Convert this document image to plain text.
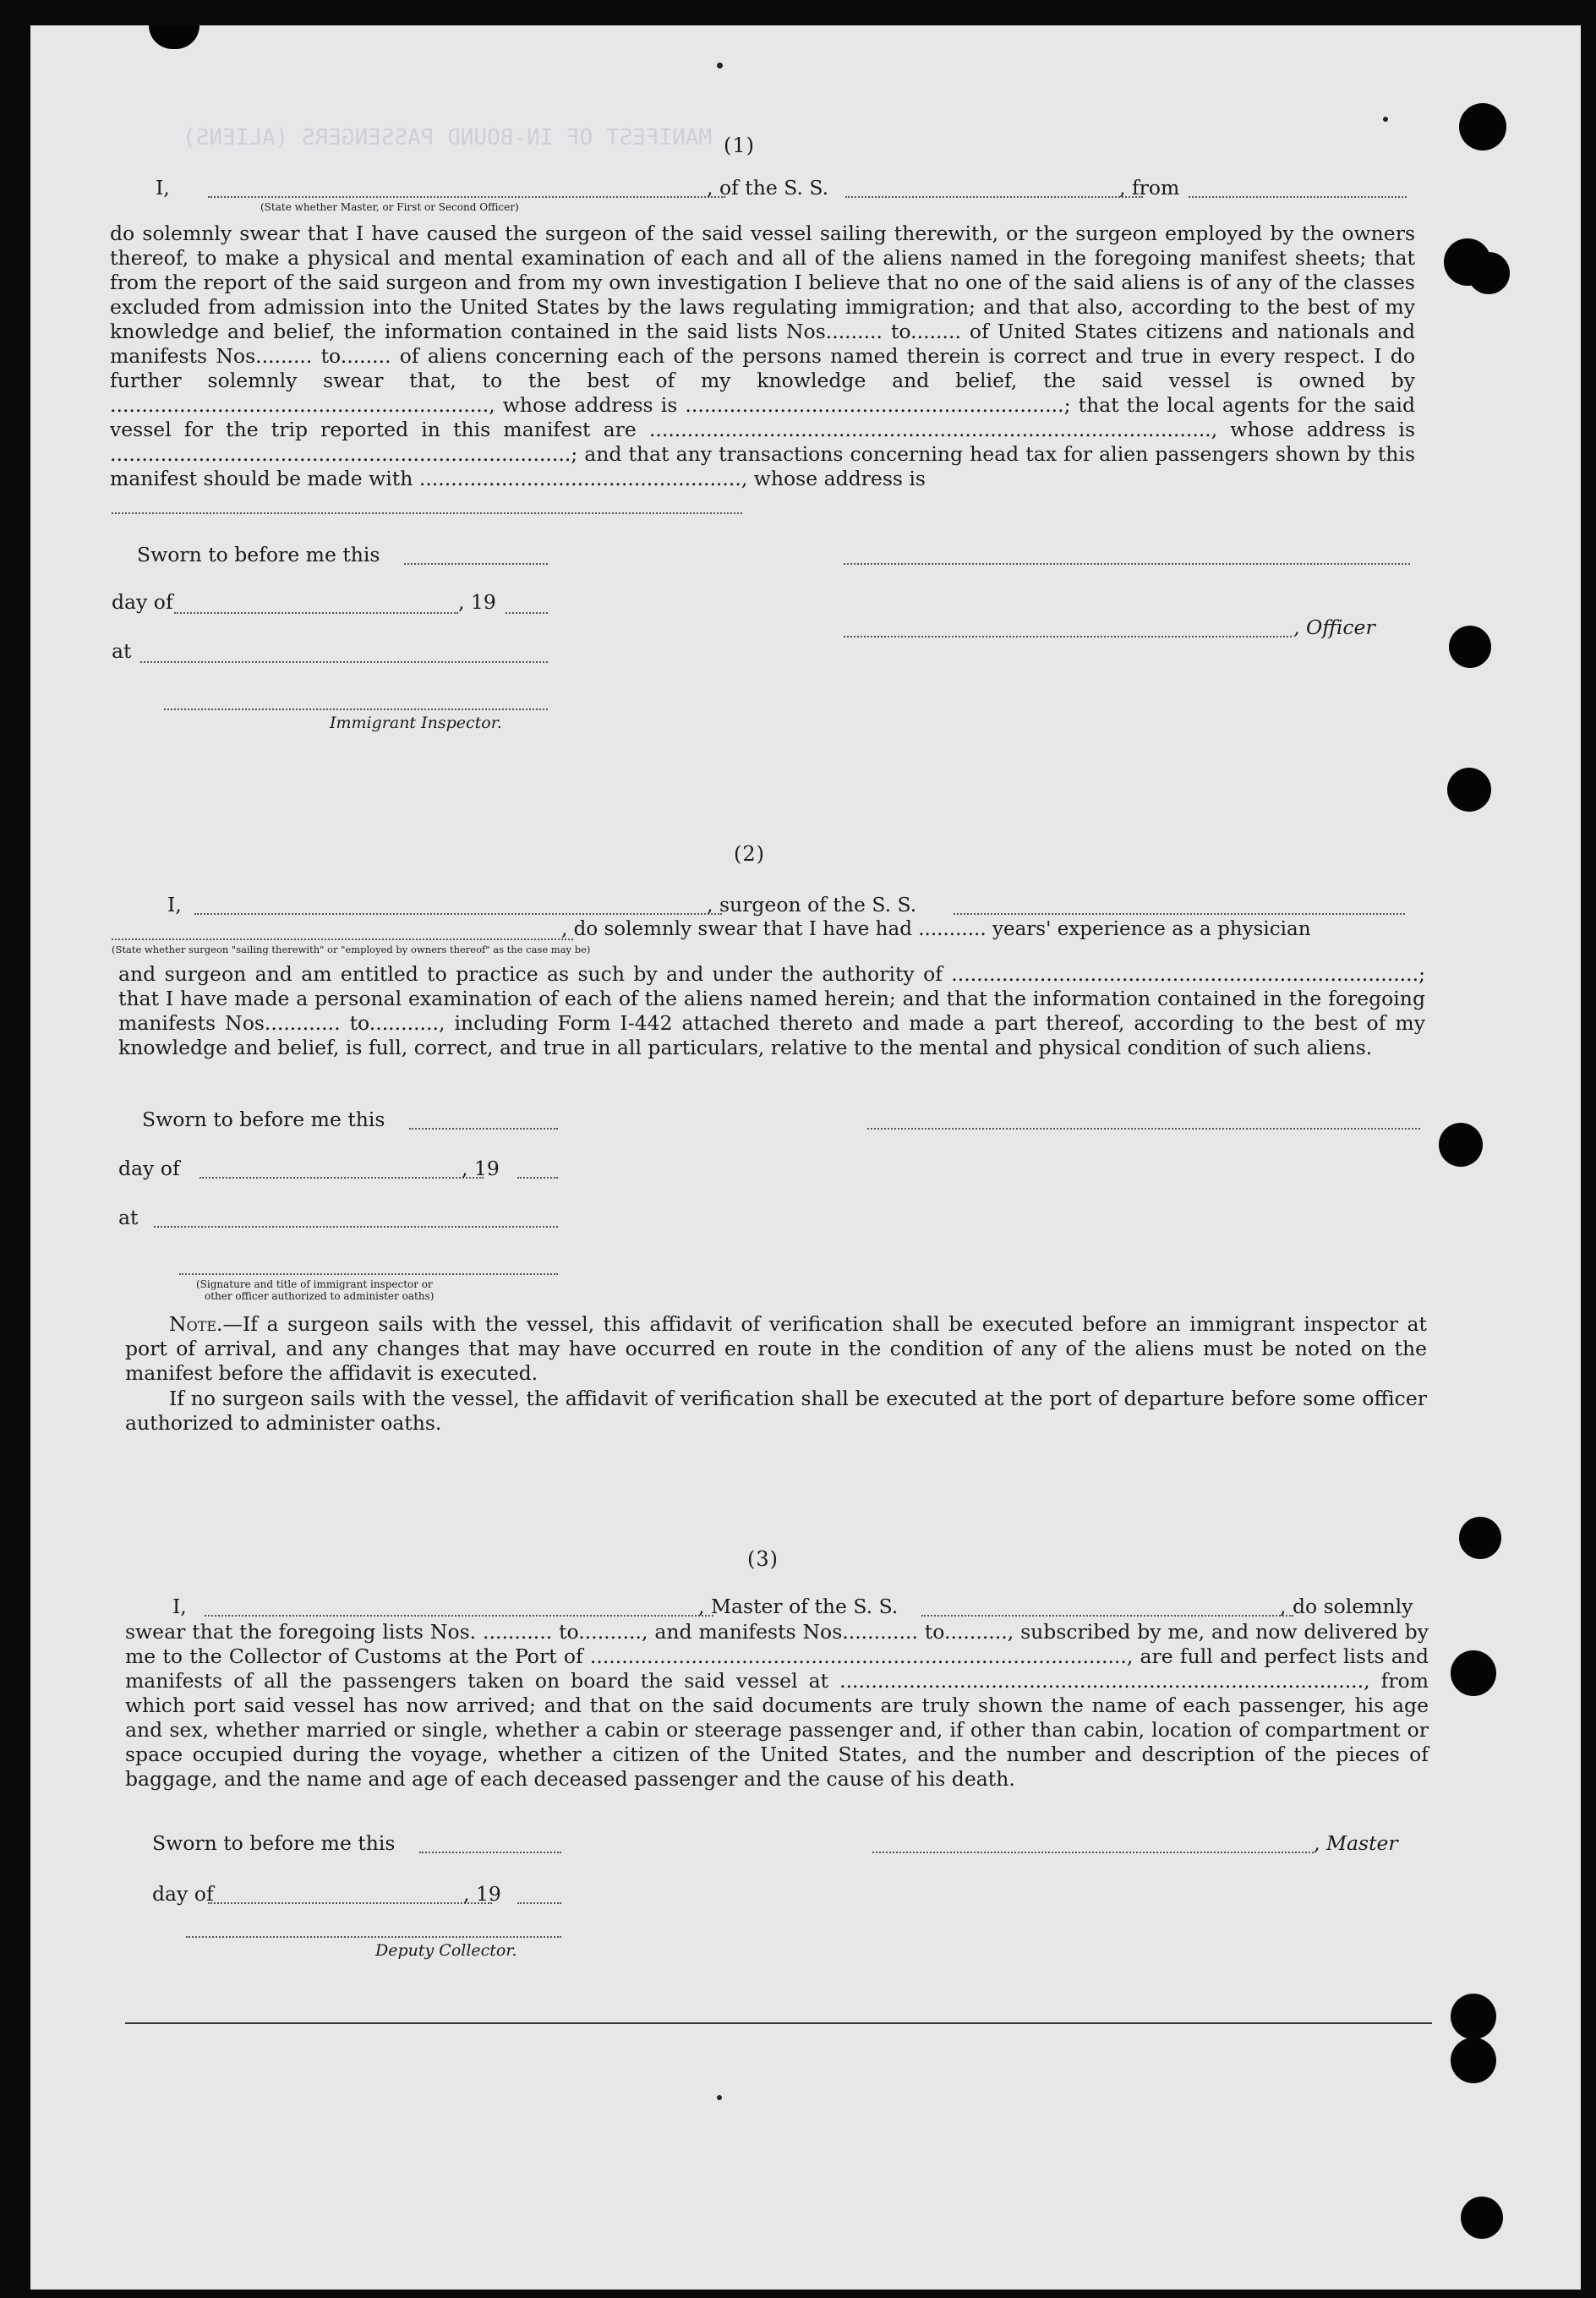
MANIFEST OF IN-BOUND PASSENGERS (ALIENS) (1)
I,
(State whether Master, or First or Second Officer)
, of the S. S.	, from
do solemnly swear that I have caused the surgeon of the said vessel sailing therewith, or the surgeon employed by the owners thereof, to make a physical and mental examination of each and all of the aliens named in the foregoing manifest sheets; that from the report of the said surgeon and from my own investigation I believe that no one of the said aliens is of any of the classes excluded from admission into the United States by the laws regulating immigration; and that also, according to the best of my knowledge and belief, the information contained in the said lists Nos......... to........ of United States citizens and nationals and manifests Nos......... to........ of aliens concerning each of the persons named therein is correct and true in every respect. I do further solemnly swear that, to the best of my knowledge and belief, the said vessel is owned by ............................................................, whose address is ............................................................; that the local agents for the said vessel for the trip reported in this manifest are ........................................................................................., whose address is .........................................................................; and that any transactions concerning head tax for alien passengers shown by this manifest should be made with ..................................................., whose address is
Sworn to before me this
day of	, 19
, Officer
at
Immigrant Inspector.
(2)
I,	, surgeon of the S. S.
, do solemnly swear that I have had ........... years' experience as a physician
(State whether surgeon "sailing therewith" or "employed by owners thereof" as the case may be)
and surgeon and am entitled to practice as such by and under the authority of ..........................................................................; that I have made a personal examination of each of the aliens named herein; and that the information contained in the foregoing manifests Nos............ to..........., including Form I-442 attached thereto and made a part thereof, according to the best of my knowledge and belief, is full, correct, and true in all particulars, relative to the mental and physical condition of such aliens.
Sworn to before me this
day of	, 19
at
(Signature and title of immigrant inspector or
other officer authorized to administer oaths)
Note.—If a surgeon sails with the vessel, this affidavit of verification shall be executed before an immigrant inspector at port of arrival, and any changes that may have occurred en route in the condition of any of the aliens must be noted on the manifest before the affidavit is executed.
If no surgeon sails with the vessel, the affidavit of verification shall be executed at the port of departure before some officer authorized to administer oaths.
(3)
I,	, Master of the S. S.	, do solemnly
swear that the foregoing lists Nos. ........... to.........., and manifests Nos............ to.........., subscribed by me, and now delivered by me to the Collector of Customs at the Port of ....................................................................................., are full and perfect lists and manifests of all the passengers taken on board the said vessel at ..................................................................................., from which port said vessel has now arrived; and that on the said documents are truly shown the name of each passenger, his age and sex, whether married or single, whether a cabin or steerage passenger and, if other than cabin, location of compartment or space occupied during the voyage, whether a citizen of the United States, and the number and description of the pieces of baggage, and the name and age of each deceased passenger and the cause of his death.
Sworn to before me this	, Master
day of	, 19
Deputy Collector.
